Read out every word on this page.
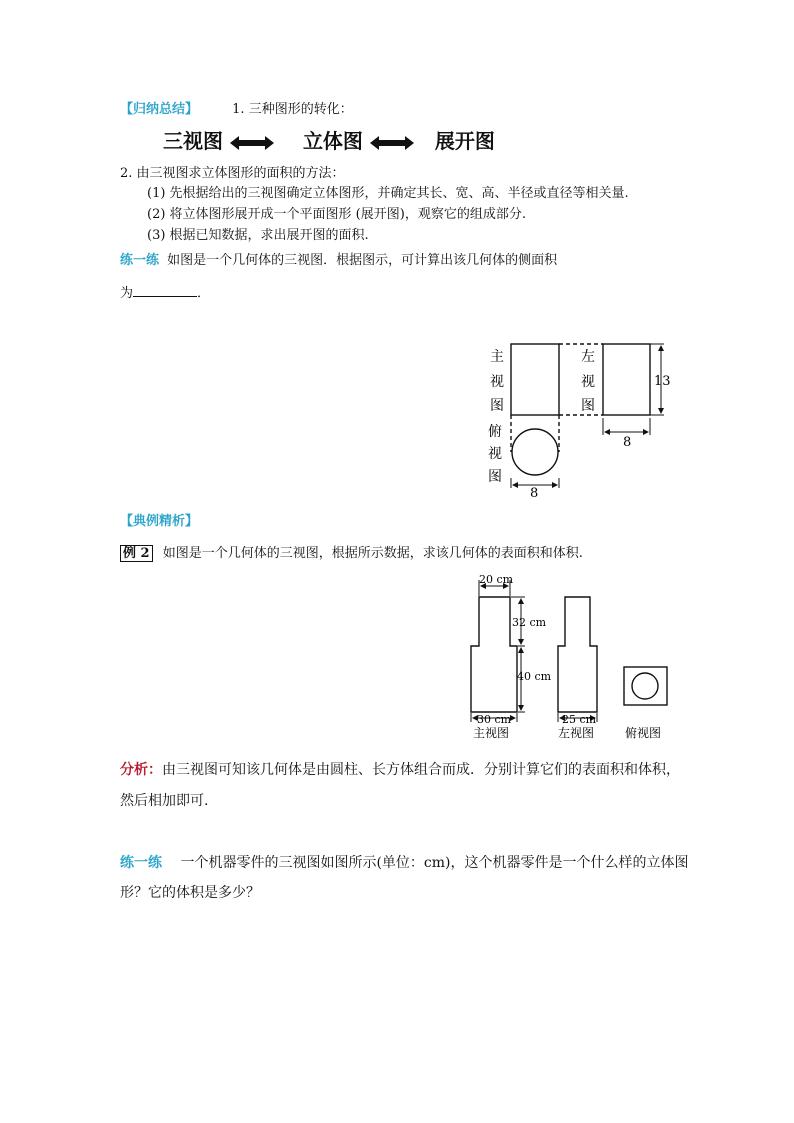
【归纳总结】	1. 三种图形的转化：
三视图	立体图	展开图
2. 由三视图求立体图形的面积的方法：
(1) 先根据给出的三视图确定立体图形，并确定其长、宽、高、半径或直径等相关量.
(2) 将立体图形展开成一个平面图形 (展开图)，观察它的组成部分.
(3) 根据已知数据，求出展开图的面积.
练一练 如图是一个几何体的三视图．根据图示，可计算出该几何体的侧面积
为	．
主
视
图
左
视
图
俯
视
图
13
8
8
【典例精析】
例 2 如图是一个几何体的三视图，根据所示数据，求该几何体的表面积和体积.
20 cm
32 cm
40 cm
30 cm	25 cm
主视图	左视图	俯视图
分析：由三视图可知该几何体是由圆柱、长方体组合而成．分别计算它们的表面积和体积，
然后相加即可.
练一练 一个机器零件的三视图如图所示(单位：cm)，这个机器零件是一个什么样的立体图
形？它的体积是多少？
